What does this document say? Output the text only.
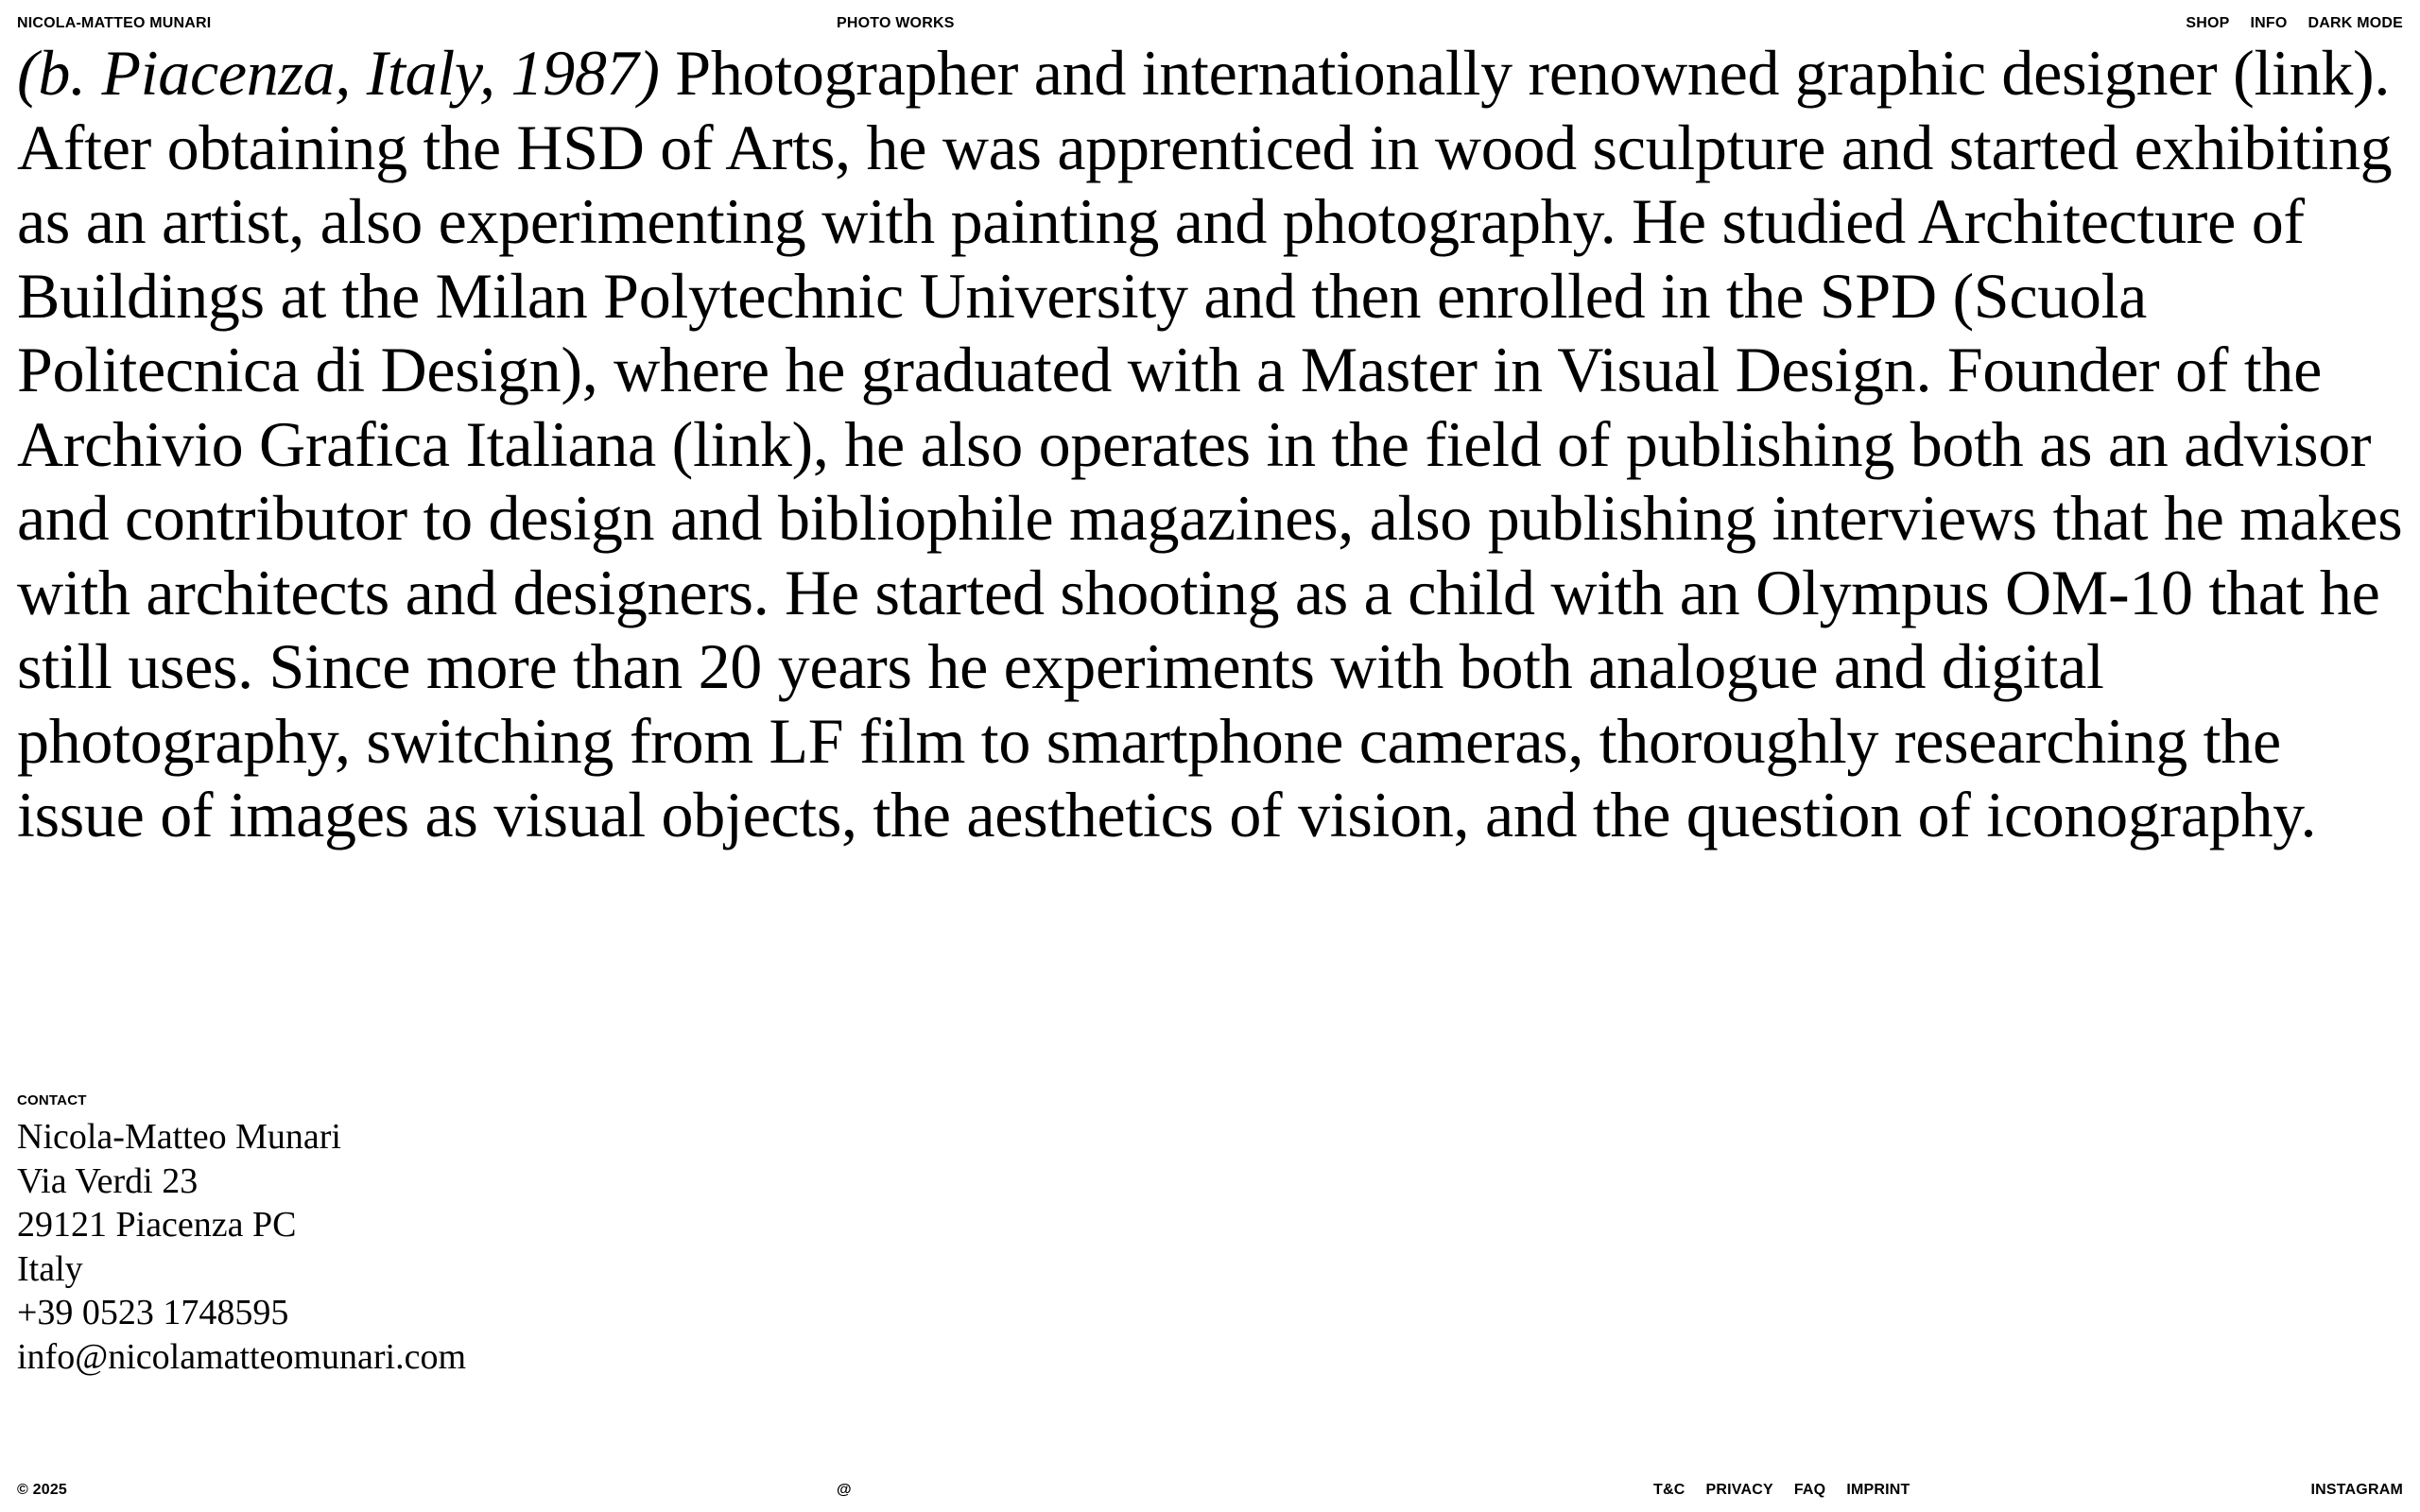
NICOLA-MATTEO MUNARI	PHOTO WORKS	SHOP INFO DARK MODE

(b. Piacenza, Italy, 1987) Photographer and internationally renowned graphic designer (link). After obtaining the HSD of Arts, he was apprenticed in wood sculpture and started exhibiting as an artist, also experimenting with painting and photography. He studied Architecture of Buildings at the Milan Polytechnic University and then enrolled in the SPD (Scuola Politecnica di Design), where he graduated with a Master in Visual Design. Founder of the Archivio Grafica Italiana (link), he also operates in the field of publishing both as an advisor and contributor to design and bibliophile magazines, also publishing interviews that he makes with architects and designers. He started shooting as a child with an Olympus OM-10 that he still uses. Since more than 20 years he experiments with both analogue and digital photography, switching from LF film to smartphone cameras, thoroughly researching the issue of images as visual objects, the aesthetics of vision, and the question of iconography.

CONTACT
Nicola-Matteo Munari
Via Verdi 23
29121 Piacenza PC
Italy
+39 0523 1748595
info@nicolamatteomunari.com
© 2025	@	T&C PRIVACY FAQ IMPRINT	INSTAGRAM
